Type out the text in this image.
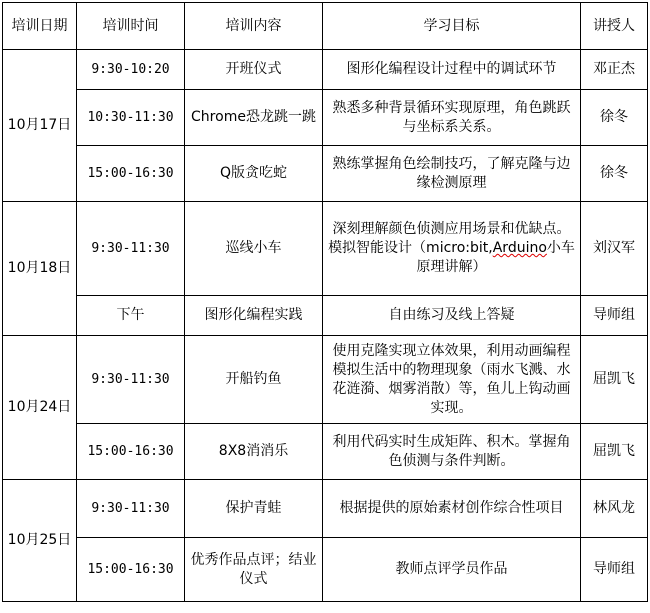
培训日期	培训时间	培训内容	学习目标	讲授人
10月17日	9:30-10:20	开班仪式	图形化编程设计过程中的调试环节	邓正杰
	10:30-11:30	Chrome恐龙跳一跳	熟悉多种背景循环实现原理，角色跳跃与坐标系关系。	徐冬
	15:00-16:30	Q版贪吃蛇	熟练掌握角色绘制技巧，了解克隆与边缘检测原理	徐冬
10月18日	9:30-11:30	巡线小车	深刻理解颜色侦测应用场景和优缺点。模拟智能设计（micro:bit,Arduino小车原理讲解）	刘汉军
	下午	图形化编程实践	自由练习及线上答疑	导师组
10月24日	9:30-11:30	开船钓鱼	使用克隆实现立体效果，利用动画编程模拟生活中的物理现象（雨水飞溅、水花涟漪、烟雾消散）等，鱼儿上钩动画实现。	屈凯飞
	15:00-16:30	8X8消消乐	利用代码实时生成矩阵、积木。掌握角色侦测与条件判断。	屈凯飞
10月25日	9:30-11:30	保护青蛙	根据提供的原始素材创作综合性项目	林风龙
	15:00-16:30	优秀作品点评；结业仪式	教师点评学员作品	导师组
